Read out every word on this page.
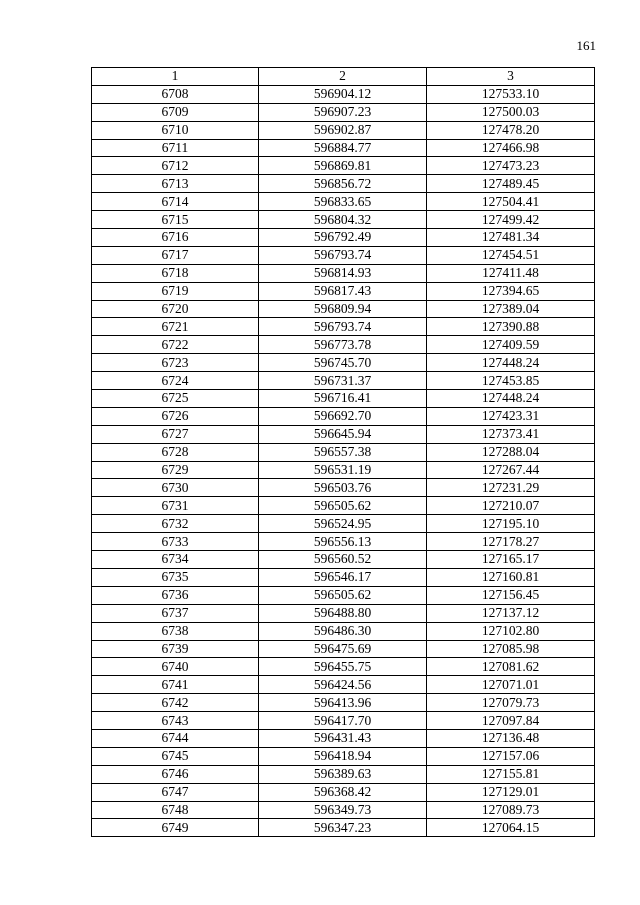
161
1	2	3
6708	596904.12	127533.10
6709	596907.23	127500.03
6710	596902.87	127478.20
6711	596884.77	127466.98
6712	596869.81	127473.23
6713	596856.72	127489.45
6714	596833.65	127504.41
6715	596804.32	127499.42
6716	596792.49	127481.34
6717	596793.74	127454.51
6718	596814.93	127411.48
6719	596817.43	127394.65
6720	596809.94	127389.04
6721	596793.74	127390.88
6722	596773.78	127409.59
6723	596745.70	127448.24
6724	596731.37	127453.85
6725	596716.41	127448.24
6726	596692.70	127423.31
6727	596645.94	127373.41
6728	596557.38	127288.04
6729	596531.19	127267.44
6730	596503.76	127231.29
6731	596505.62	127210.07
6732	596524.95	127195.10
6733	596556.13	127178.27
6734	596560.52	127165.17
6735	596546.17	127160.81
6736	596505.62	127156.45
6737	596488.80	127137.12
6738	596486.30	127102.80
6739	596475.69	127085.98
6740	596455.75	127081.62
6741	596424.56	127071.01
6742	596413.96	127079.73
6743	596417.70	127097.84
6744	596431.43	127136.48
6745	596418.94	127157.06
6746	596389.63	127155.81
6747	596368.42	127129.01
6748	596349.73	127089.73
6749	596347.23	127064.15
